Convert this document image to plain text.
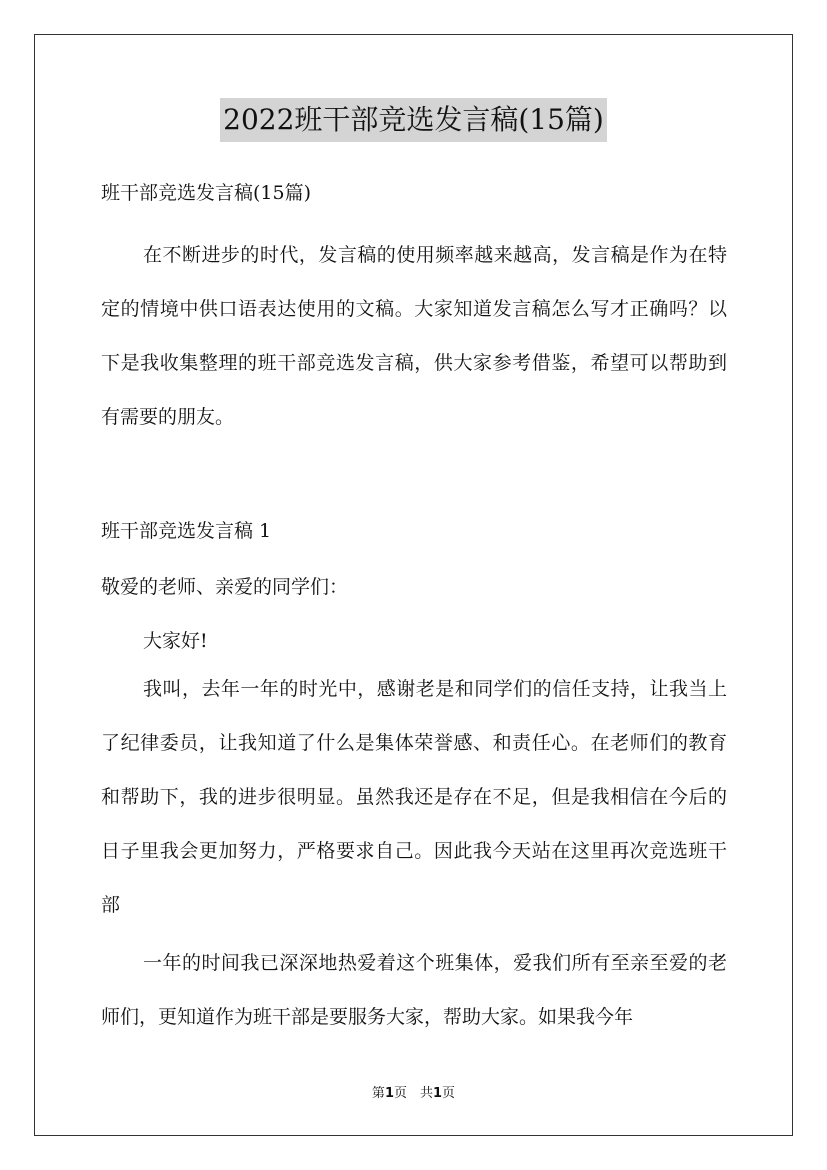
2022班干部竞选发言稿(15篇)
班干部竞选发言稿(15篇)

在不断进步的时代，发言稿的使用频率越来越高，发言稿是作为在特定的情境中供口语表达使用的文稿。大家知道发言稿怎么写才正确吗？以下是我收集整理的班干部竞选发言稿，供大家参考借鉴，希望可以帮助到有需要的朋友。

班干部竞选发言稿 1
敬爱的老师、亲爱的同学们：
大家好!

我叫，去年一年的时光中，感谢老是和同学们的信任支持，让我当上了纪律委员，让我知道了什么是集体荣誉感、和责任心。在老师们的教育和帮助下，我的进步很明显。虽然我还是存在不足，但是我相信在今后的日子里我会更加努力，严格要求自己。因此我今天站在这里再次竞选班干部

一年的时间我已深深地热爱着这个班集体，爱我们所有至亲至爱的老师们，更知道作为班干部是要服务大家，帮助大家。如果我今年

第1页　共1页
